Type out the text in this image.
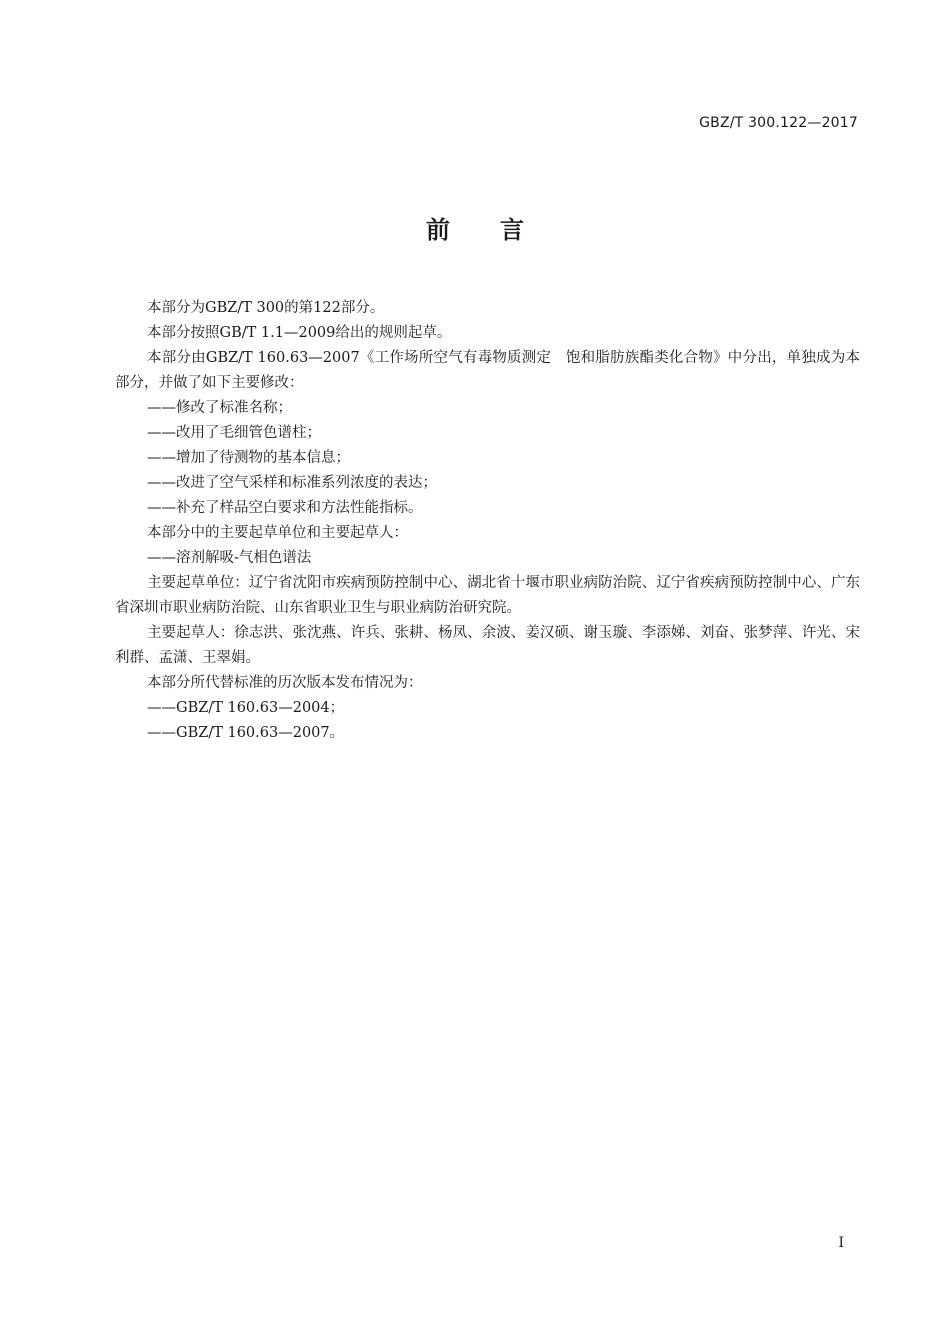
GBZ/T 300.122—2017
前言

本部分为GBZ/T 300的第122部分。

本部分按照GB/T 1.1—2009给出的规则起草。

本部分由GBZ/T 160.63—2007《工作场所空气有毒物质测定　饱和脂肪族酯类化合物》中分出，单独成为本部分，并做了如下主要修改：

——修改了标准名称；

——改用了毛细管色谱柱；

——增加了待测物的基本信息；

——改进了空气采样和标准系列浓度的表达；

——补充了样品空白要求和方法性能指标。

本部分中的主要起草单位和主要起草人：

——溶剂解吸-气相色谱法

主要起草单位：辽宁省沈阳市疾病预防控制中心、湖北省十堰市职业病防治院、辽宁省疾病预防控制中心、广东省深圳市职业病防治院、山东省职业卫生与职业病防治研究院。

主要起草人：徐志洪、张沈燕、许兵、张耕、杨凤、余波、姜汉硕、谢玉璇、李添娣、刘奋、张梦萍、许光、宋利群、孟潇、王翠娟。

本部分所代替标准的历次版本发布情况为：

——GBZ/T 160.63—2004；

——GBZ/T 160.63—2007。

I
